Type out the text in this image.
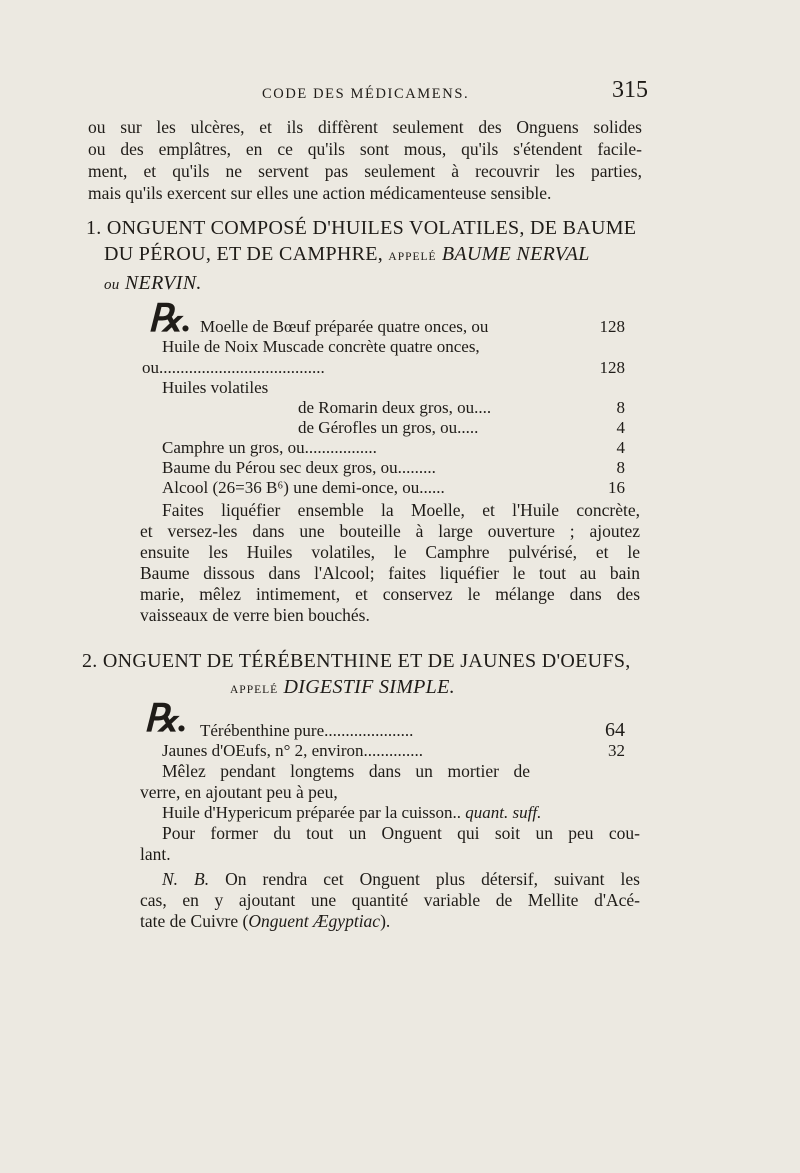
CODE DES MÉDICAMENS.	315
ou sur les ulcères, et ils diffèrent seulement des Onguens solides
ou des emplâtres, en ce qu'ils sont mous, qu'ils s'étendent facile-
ment, et qu'ils ne servent pas seulement à recouvrir les parties,
mais qu'ils exercent sur elles une action médicamenteuse sensible.
1. ONGUENT COMPOSÉ D'HUILES VOLATILES, DE BAUME
DU PÉROU, ET DE CAMPHRE, APPELÉ BAUME NERVAL
ou NERVIN.
℞. Moelle de Bœuf préparée quatre onces, ou	128
Huile de Noix Muscade concrète quatre onces,
ou.......................................	128
Huiles volatiles
de Romarin deux gros, ou....	8
de Gérofles un gros, ou.....	4
Camphre un gros, ou.................	4
Baume du Pérou sec deux gros, ou.........	8
Alcool (26=36 B⁶) une demi-once, ou......	16
Faites liquéfier ensemble la Moelle, et l'Huile concrète,
et versez-les dans une bouteille à large ouverture ; ajoutez
ensuite les Huiles volatiles, le Camphre pulvérisé, et le
Baume dissous dans l'Alcool; faites liquéfier le tout au bain
marie, mêlez intimement, et conservez le mélange dans des
vaisseaux de verre bien bouchés.
2. ONGUENT DE TÉRÉBENTHINE ET DE JAUNES D'OEUFS,
APPELÉ DIGESTIF SIMPLE.
℞. Térébenthine pure.....................	64
Jaunes d'OEufs, n° 2, environ..............	32
Mêlez pendant longtems dans un mortier de
verre, en ajoutant peu à peu,
Huile d'Hypericum préparée par la cuisson.. quant. suff.
Pour former du tout un Onguent qui soit un peu cou-
lant.
N. B. On rendra cet Onguent plus détersif, suivant les
cas, en y ajoutant une quantité variable de Mellite d'Acé-
tate de Cuivre (Onguent Ægyptiac).
